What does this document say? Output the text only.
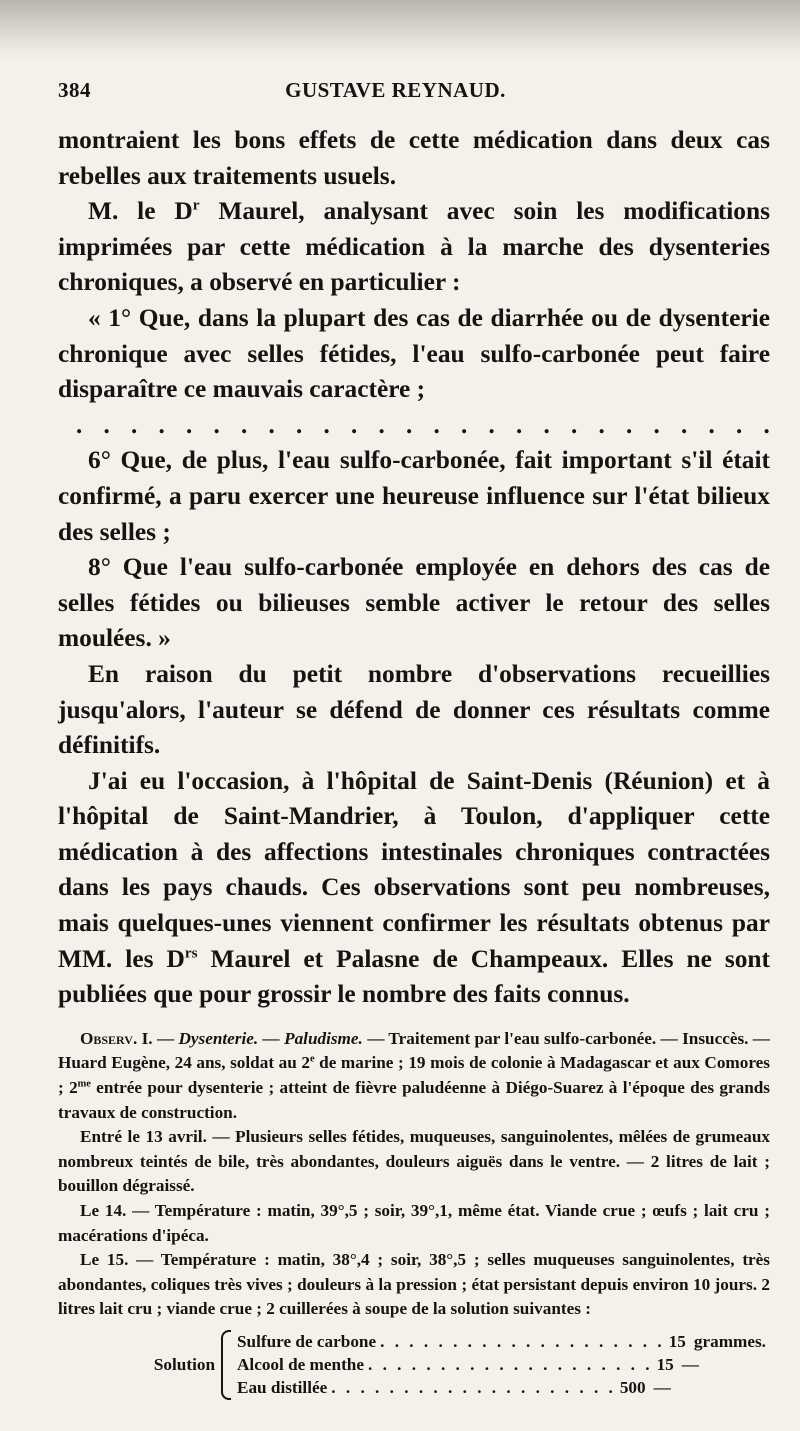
384	GUSTAVE REYNAUD.

montraient les bons effets de cette médication dans deux cas rebelles aux traitements usuels.

M. le $D^r$ Maurel, analysant avec soin les modifications imprimées par cette médication à la marche des dysenteries chroniques, a observé en particulier :

« 1° Que, dans la plupart des cas de diarrhée ou de dysenterie chronique avec selles fétides, l'eau sulfo-carbonée peut faire disparaître ce mauvais caractère ;

. . . . . . . . . . . . . . . . . . . . . . . . . .

6° Que, de plus, l'eau sulfo-carbonée, fait important s'il était confirmé, a paru exercer une heureuse influence sur l'état bilieux des selles ;

8° Que l'eau sulfo-carbonée employée en dehors des cas de selles fétides ou bilieuses semble activer le retour des selles moulées. »

En raison du petit nombre d'observations recueillies jusqu'alors, l'auteur se défend de donner ces résultats comme définitifs.

J'ai eu l'occasion, à l'hôpital de Saint-Denis (Réunion) et à l'hôpital de Saint-Mandrier, à Toulon, d'appliquer cette médication à des affections intestinales chroniques contractées dans les pays chauds. Ces observations sont peu nombreuses, mais quelques-unes viennent confirmer les résultats obtenus par MM. les $D^{rs}$ Maurel et Palasne de Champeaux. Elles ne sont publiées que pour grossir le nombre des faits connus.

Observ. I. — Dysenterie. — Paludisme. — Traitement par l'eau sulfo-carbonée. — Insuccès. — Huard Eugène, 24 ans, soldat au 2e de marine ; 19 mois de colonie à Madagascar et aux Comores ; $2^{me}$ entrée pour dysenterie ; atteint de fièvre paludéenne à Diégo-Suarez à l'époque des grands travaux de construction.

Entré le 13 avril. — Plusieurs selles fétides, muqueuses, sanguinolentes, mêlées de grumeaux nombreux teintés de bile, très abondantes, douleurs aiguës dans le ventre. — 2 litres de lait ; bouillon dégraissé.

Le 14. — Température : matin, 39°,5 ; soir, 39°,1, même état. Viande crue ; œufs ; lait cru ; macérations d'ipéca.

Le 15. — Température : matin, 38°,4 ; soir, 38°,5 ; selles muqueuses sanguinolentes, très abondantes, coliques très vives ; douleurs à la pression ; état persistant depuis environ 10 jours. 2 litres lait cru ; viande crue ; 2 cuillerées à soupe de la solution suivantes :

Solution
Sulfure de carbone . . . . . . . . . . . . . . . . . . . . 15 grammes.
Alcool de menthe . . . . . . . . . . . . . . . . . . . . 15 —
Eau distillée . . . . . . . . . . . . . . . . . . . . 500 —
